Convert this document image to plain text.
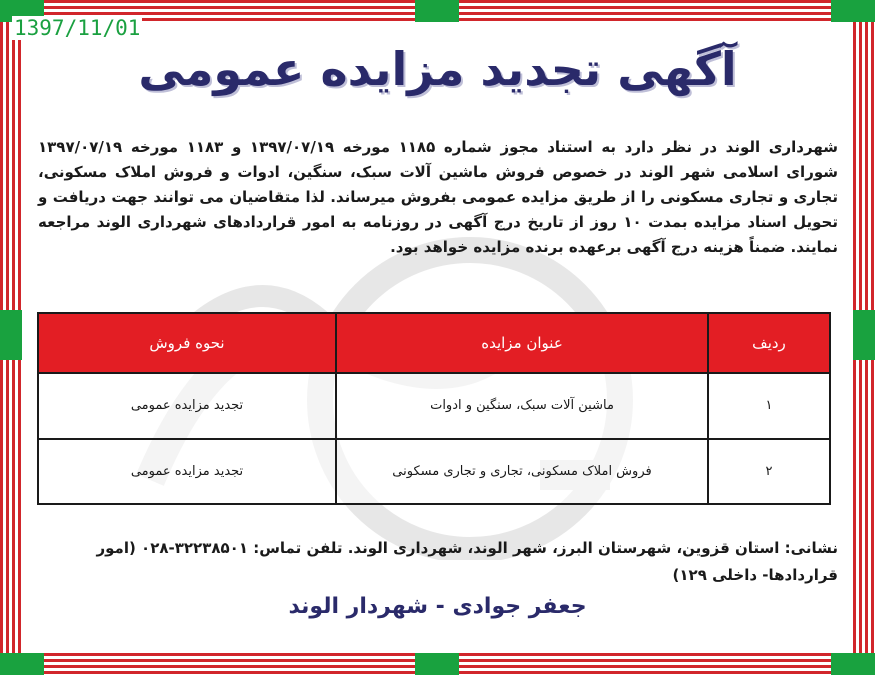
1397/11/01
آگهی تجدید مزایده عمومی
شهرداری الوند در نظر دارد به استناد مجوز شماره ۱۱۸۵ مورخه ۱۳۹۷/۰۷/۱۹ و ۱۱۸۳ مورخه ۱۳۹۷/۰۷/۱۹ شورای اسلامی شهر الوند در خصوص فروش ماشین آلات سبک، سنگین، ادوات و فروش املاک مسکونی، تجاری و تجاری مسکونی را از طریق مزایده عمومی بفروش میرساند. لذا متقاضیان می توانند جهت دریافت و تحویل اسناد مزایده بمدت ۱۰ روز از تاریخ درج آگهی در روزنامه به امور قراردادهای شهرداری الوند مراجعه نمایند. ضمناً هزینه درج آگهی برعهده برنده مزایده خواهد بود.
ردیف	عنوان مزایده	نحوه فروش
۱	ماشین آلات سبک، سنگین و ادوات	تجدید مزایده عمومی
۲	فروش املاک مسکونی، تجاری و تجاری مسکونی	تجدید مزایده عمومی
نشانی: استان قزوین، شهرستان البرز، شهر الوند، شهرداری الوند. تلفن تماس: ۳۲۲۳۸۵۰۱-۰۲۸ (امور قراردادها- داخلی ۱۲۹)
جعفر جوادی - شهردار الوند
